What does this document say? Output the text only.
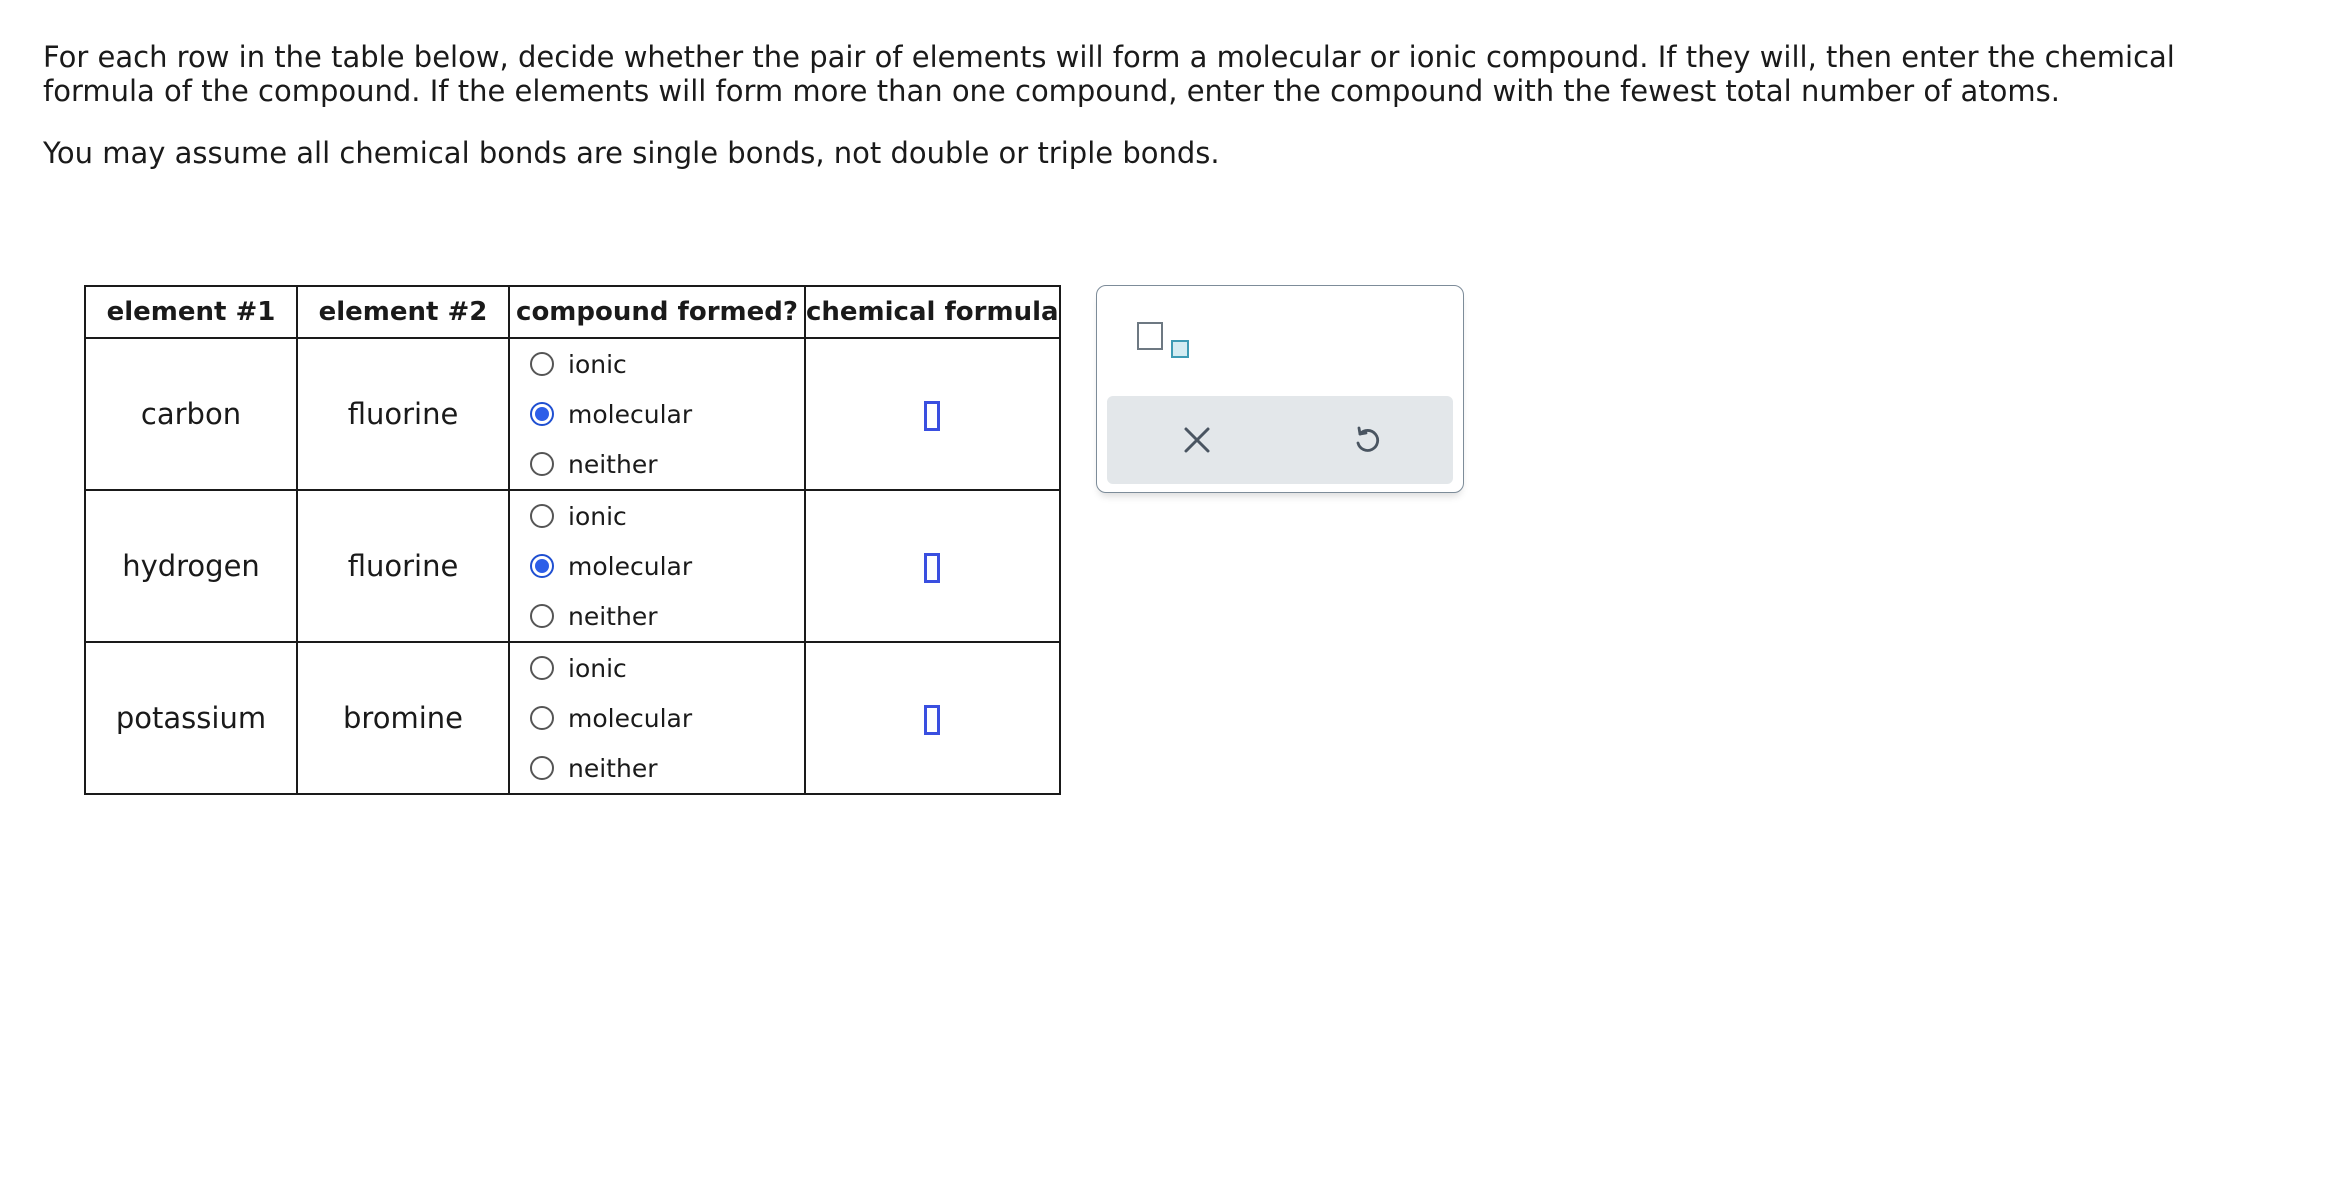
For each row in the table below, decide whether the pair of elements will form a molecular or ionic compound. If they will, then enter the chemical formula of the compound. If the elements will form more than one compound, enter the compound with the fewest total number of atoms.

You may assume all chemical bonds are single bonds, not double or triple bonds.

element #1	element #2	compound formed?	chemical formula
carbon	fluorine	ionic
molecular
neither	

hydrogen	fluorine	ionic
molecular
neither	

potassium	bromine	ionic
molecular
neither	
